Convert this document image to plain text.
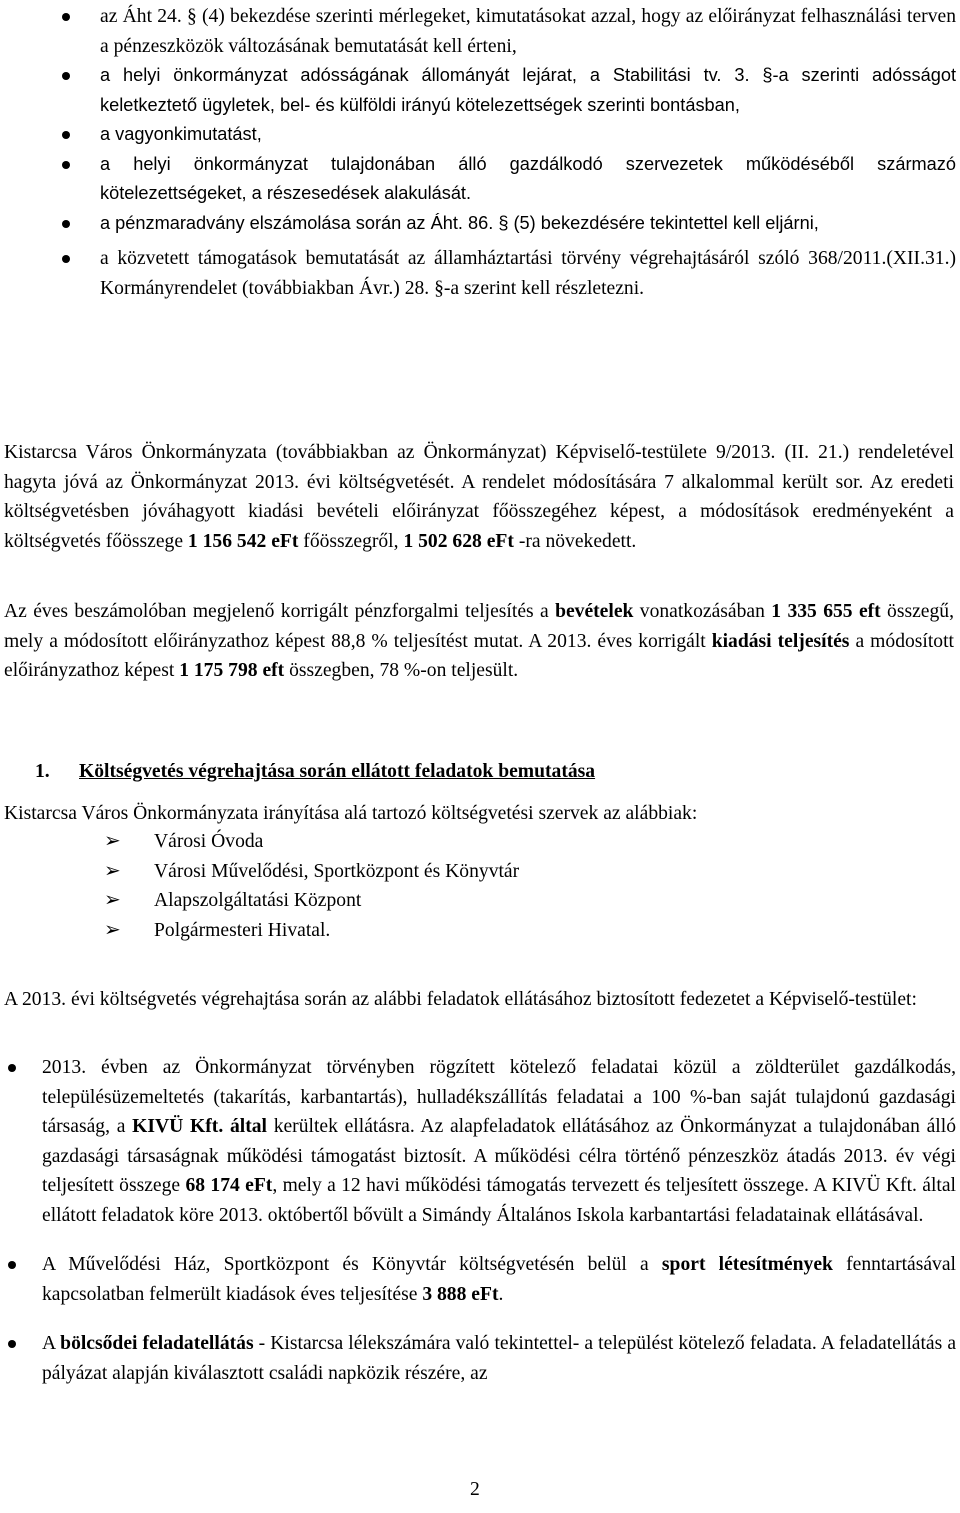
az Áht 24. § (4) bekezdése szerinti mérlegeket, kimutatásokat azzal, hogy az előirányzat felhasználási terven a pénzeszközök változásának bemutatását kell érteni,
a helyi önkormányzat adósságának állományát lejárat, a Stabilitási tv. 3. §-a szerinti adósságot keletkeztető ügyletek, bel- és külföldi irányú kötelezettségek szerinti bontásban,
a vagyonkimutatást,
a helyi önkormányzat tulajdonában álló gazdálkodó szervezetek működéséből származó kötelezettségeket, a részesedések alakulását.
a pénzmaradvány elszámolása során az Áht. 86. § (5) bekezdésére tekintettel kell eljárni,
a közvetett támogatások bemutatását az államháztartási törvény végrehajtásáról szóló 368/2011.(XII.31.) Kormányrendelet (továbbiakban Ávr.) 28. §-a szerint kell részletezni.

Kistarcsa Város Önkormányzata (továbbiakban az Önkormányzat) Képviselő-testülete 9/2013. (II. 21.) rendeletével hagyta jóvá az Önkormányzat 2013. évi költségvetését. A rendelet módosítására 7 alkalommal került sor. Az eredeti költségvetésben jóváhagyott kiadási bevételi előirányzat főösszegéhez képest, a módosítások eredményeként a költségvetés főösszege 1 156 542 eFt főösszegről, 1 502 628 eFt -ra növekedett.

Az éves beszámolóban megjelenő korrigált pénzforgalmi teljesítés a bevételek vonatkozásában 1 335 655 eft összegű, mely a módosított előirányzathoz képest 88,8 % teljesítést mutat. A 2013. éves korrigált kiadási teljesítés a módosított előirányzathoz képest 1 175 798 eft összegben, 78 %-on teljesült.

1. Költségvetés végrehajtása során ellátott feladatok bemutatása

Kistarcsa Város Önkormányzata irányítása alá tartozó költségvetési szervek az alábbiak:

➢ Városi Óvoda
➢ Városi Művelődési, Sportközpont és Könyvtár
➢ Alapszolgáltatási Központ
➢ Polgármesteri Hivatal.

A 2013. évi költségvetés végrehajtása során az alábbi feladatok ellátásához biztosított fedezetet a Képviselő-testület:

2013. évben az Önkormányzat törvényben rögzített kötelező feladatai közül a zöldterület gazdálkodás, településüzemeltetés (takarítás, karbantartás), hulladékszállítás feladatai a 100 %-ban saját tulajdonú gazdasági társaság, a KIVÜ Kft. által kerültek ellátásra. Az alapfeladatok ellátásához az Önkormányzat a tulajdonában álló gazdasági társaságnak működési támogatást biztosít. A működési célra történő pénzeszköz átadás 2013. év végi teljesített összege 68 174 eFt, mely a 12 havi működési támogatás tervezett és teljesített összege. A KIVÜ Kft. által ellátott feladatok köre 2013. októbertől bővült a Simándy Általános Iskola karbantartási feladatainak ellátásával.
A Művelődési Ház, Sportközpont és Könyvtár költségvetésén belül a sport létesítmények fenntartásával kapcsolatban felmerült kiadások éves teljesítése 3 888 eFt.
A bölcsődei feladatellátás - Kistarcsa lélekszámára való tekintettel- a települést kötelező feladata. A feladatellátás a pályázat alapján kiválasztott családi napközik részére, az
2
